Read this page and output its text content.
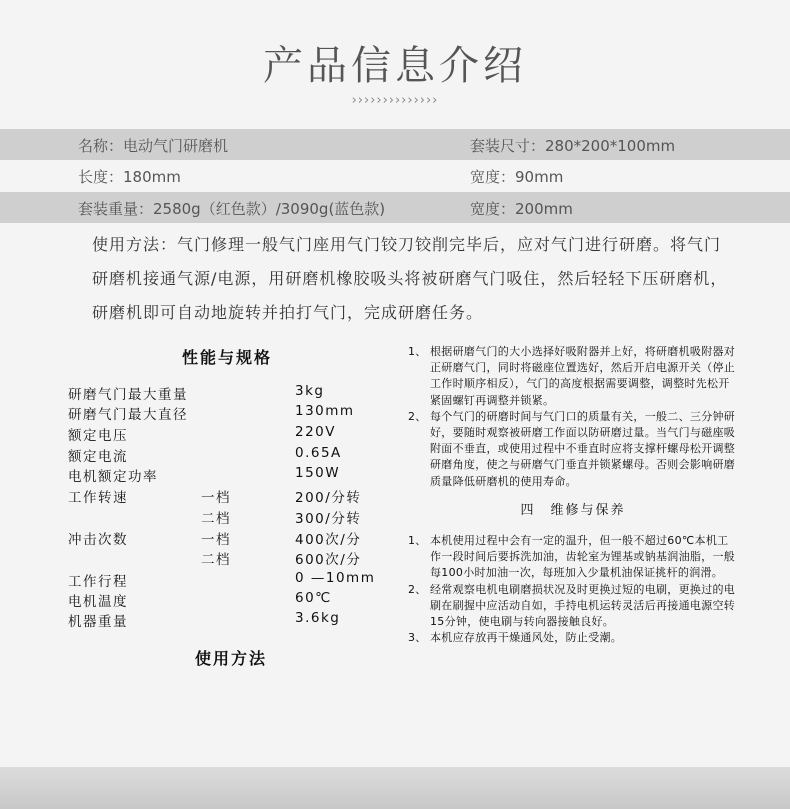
产品信息介绍
››››››››››››››
名称：电动气门研磨机	套装尺寸：280*200*100mm
长度：180mm	宽度：90mm
套装重量：2580g（红色款）/3090g(蓝色款)	宽度：200mm
使用方法：气门修理一般气门座用气门铰刀铰削完毕后，应对气门进行研磨。将气门
研磨机接通气源/电源，用研磨机橡胶吸头将被研磨气门吸住，然后轻轻下压研磨机，
研磨机即可自动地旋转并拍打气门，完成研磨任务。
性能与规格
研磨气门最大重量	3kg
研磨气门最大直径	130mm
额定电压	220V
额定电流	0.65A
电机额定功率	150W
工作转速	一档	200/分转
二档	300/分转
冲击次数	一档	400次/分
二档	600次/分
工作行程	0 —10mm
电机温度	60℃
机器重量	3.6kg
使用方法
1、 根据研磨气门的大小选择好吸附器并上好，将研磨机吸附器对正研磨气门，同时将磁座位置选好，然后开启电源开关（停止工作时顺序相反），气门的高度根据需要调整，调整时先松开紧固螺钉再调整并锁紧。
2、 每个气门的研磨时间与气门口的质量有关，一般二、三分钟研好，要随时观察被研磨工作面以防研磨过量。当气门与磁座吸附面不垂直，或使用过程中不垂直时应将支撑杆螺母松开调整研磨角度，使之与研磨气门垂直并锁紧螺母。否则会影响研磨质量降低研磨机的使用寿命。
四　维修与保养
1、 本机使用过程中会有一定的温升，但一般不超过60℃本机工作一段时间后要拆洗加油，齿轮室为锂基或钠基润油脂，一般每100小时加油一次，每班加入少量机油保证挑杆的润滑。
2、 经常观察电机电刷磨损状况及时更换过短的电刷，更换过的电刷在刷握中应活动自如，手持电机运转灵活后再接通电源空转15分钟，使电刷与转向器接触良好。
3、 本机应存放再干燥通风处，防止受潮。
